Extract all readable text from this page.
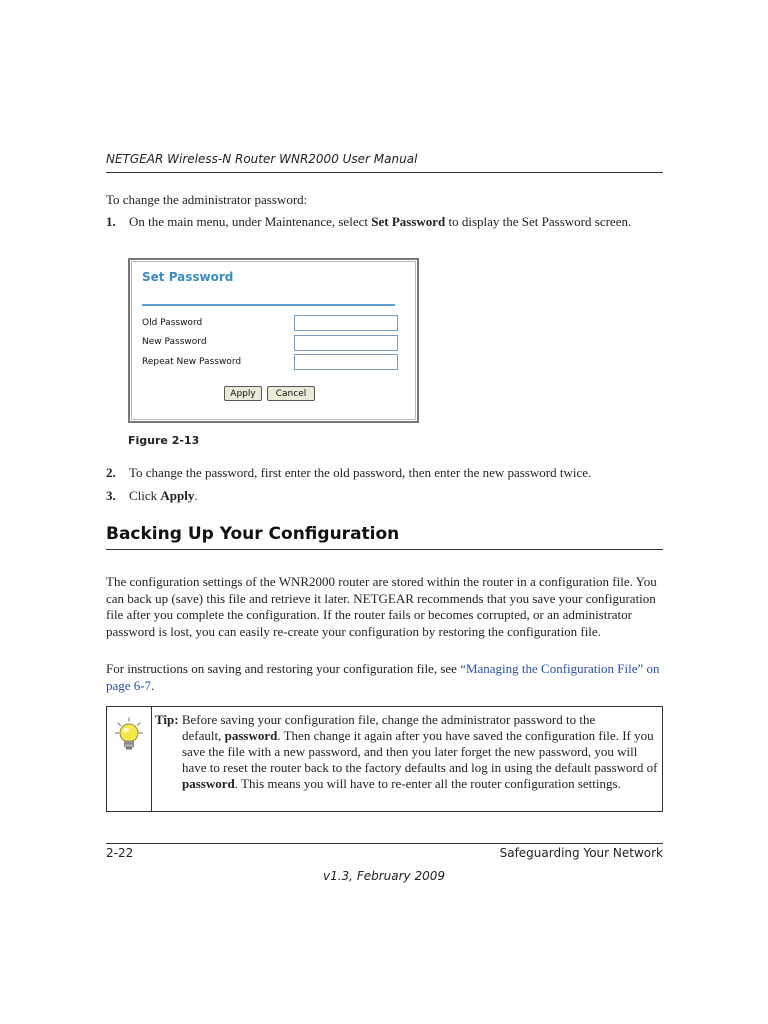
NETGEAR Wireless-N Router WNR2000 User Manual
To change the administrator password:
1. On the main menu, under Maintenance, select Set Password to display the Set Password screen.
Set Password
Old Password
New Password
Repeat New Password
Apply	Cancel
Figure 2-13
2. To change the password, first enter the old password, then enter the new password twice.
3. Click Apply.
Backing Up Your Configuration
The configuration settings of the WNR2000 router are stored within the router in a configuration file. You can back up (save) this file and retrieve it later. NETGEAR recommends that you save your configuration file after you complete the configuration. If the router fails or becomes corrupted, or an administrator password is lost, you can easily re-create your configuration by restoring the configuration file.
For instructions on saving and restoring your configuration file, see “Managing the Configuration File” on page 6-7.
Tip: Before saving your configuration file, change the administrator password to the
default, password. Then change it again after you have saved the configuration file. If you save the file with a new password, and then you later forget the new password, you will have to reset the router back to the factory defaults and log in using the default password of password. This means you will have to re-enter all the router configuration settings.
2-22	Safeguarding Your Network
v1.3, February 2009
